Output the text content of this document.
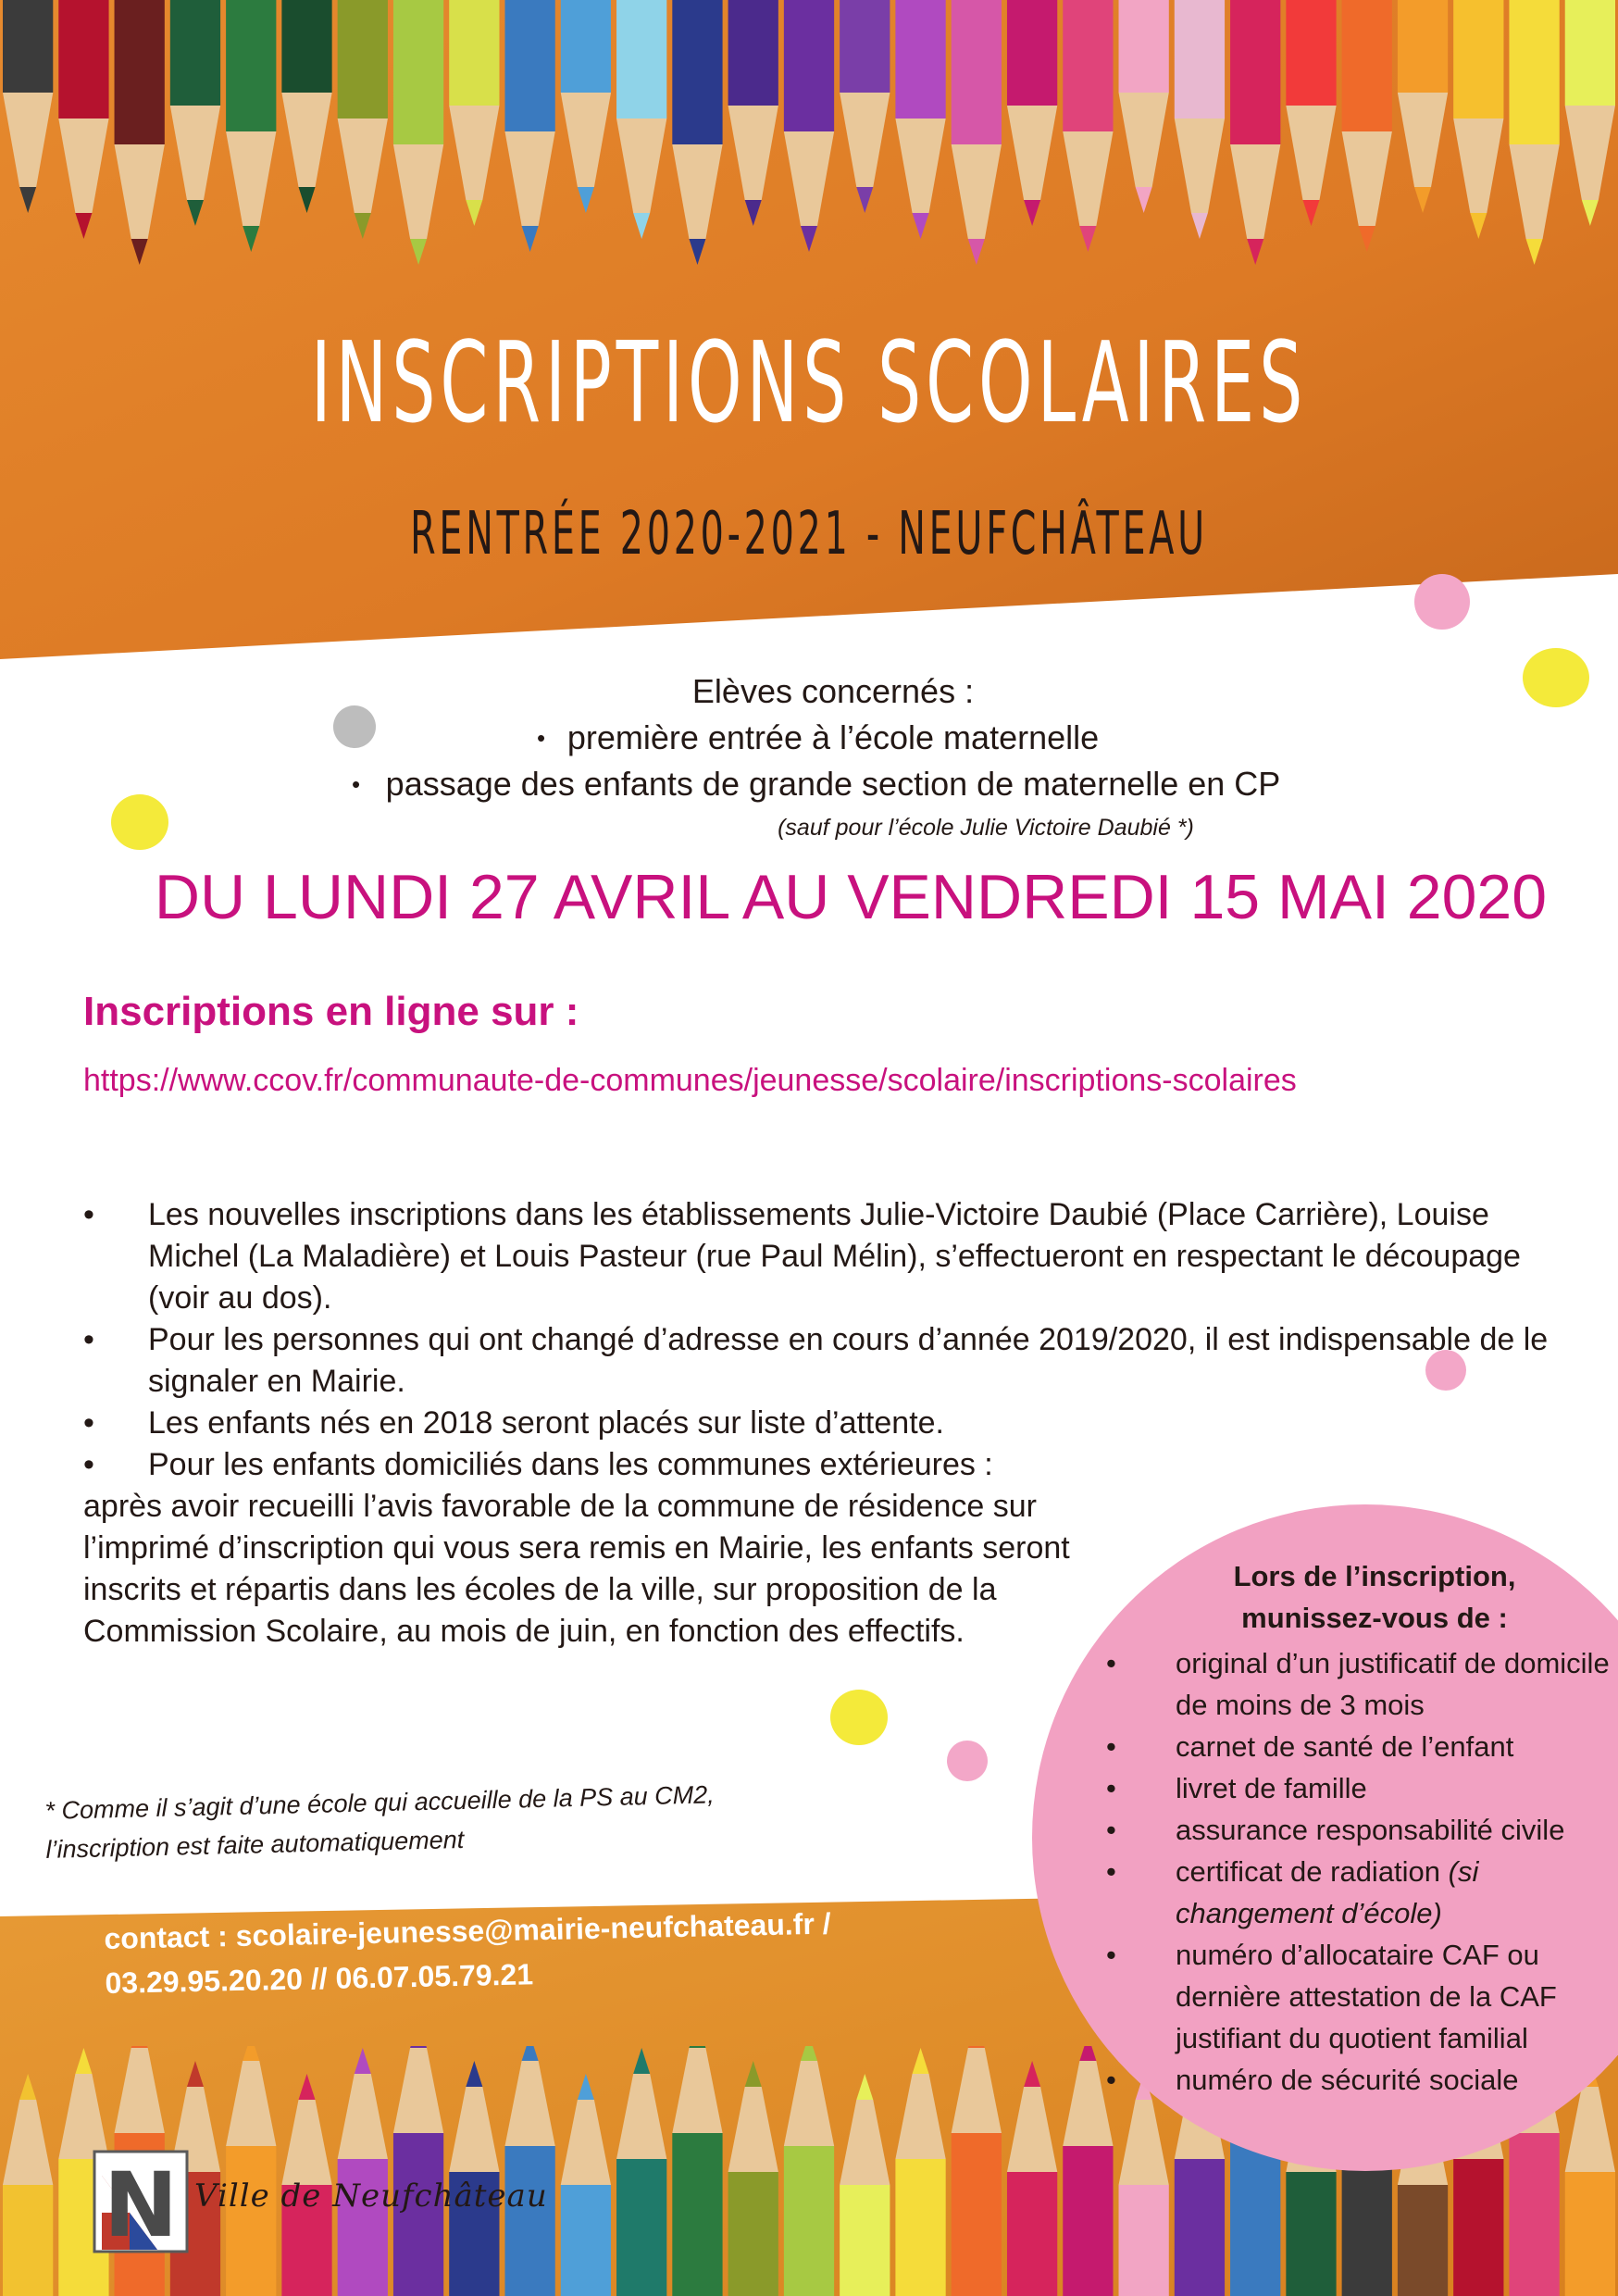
INSCRIPTIONS SCOLAIRES
RENTRÉE 2020-2021 - NEUFCHÂTEAU
Elèves concernés :
• première entrée à l’école maternelle
• passage des enfants de grande section de maternelle en CP
(sauf pour l’école Julie Victoire Daubié *)
DU LUNDI 27 AVRIL AU VENDREDI 15 MAI 2020
Inscriptions en ligne sur :
https://www.ccov.fr/communaute-de-communes/jeunesse/scolaire/inscriptions-scolaires
• Les nouvelles inscriptions dans les établissements Julie-Victoire Daubié (Place Carrière), Louise Michel (La Maladière) et Louis Pasteur (rue Paul Mélin), s’effectueront en respectant le découpage (voir au dos).
• Pour les personnes qui ont changé d’adresse en cours d’année 2019/2020, il est indispensable de le signaler en Mairie.
• Les enfants nés en 2018 seront placés sur liste d’attente.
• Pour les enfants domiciliés dans les communes extérieures :
après avoir recueilli l’avis favorable de la commune de résidence sur l’imprimé d’inscription qui vous sera remis en Mairie, les enfants seront inscrits et répartis dans les écoles de la ville, sur proposition de la Commission Scolaire, au mois de juin, en fonction des effectifs.
* Comme il s’agit d’une école qui accueille de la PS au CM2,
l’inscription est faite automatiquement
contact : scolaire-jeunesse@mairie-neufchateau.fr /
03.29.95.20.20 // 06.07.05.79.21
Lors de l’inscription,
munissez-vous de :
• original d’un justificatif de domicile de moins de 3 mois
• carnet de santé de l’enfant
• livret de famille
• assurance responsabilité civile
• certificat de radiation (si changement d’école)
• numéro d’allocataire CAF ou dernière attestation de la CAF justifiant du quotient familial
• numéro de sécurité sociale
N Ville de Neufchâteau
